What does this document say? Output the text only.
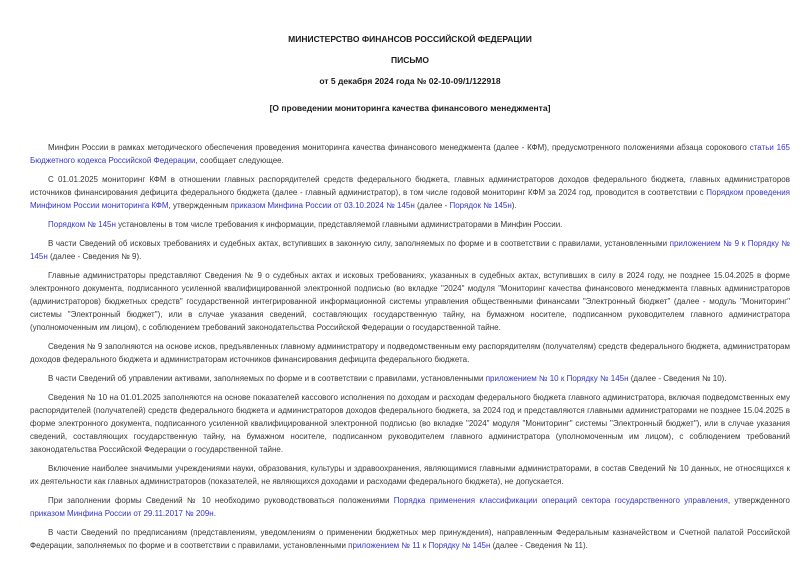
МИНИСТЕРСТВО ФИНАНСОВ РОССИЙСКОЙ ФЕДЕРАЦИИ
ПИСЬМО
от 5 декабря 2024 года № 02-10-09/1/122918
[О проведении мониторинга качества финансового менеджмента]

Минфин России в рамках методического обеспечения проведения мониторинга качества финансового менеджмента (далее - КФМ), предусмотренного положениями абзаца сорокового статьи 165 Бюджетного кодекса Российской Федерации, сообщает следующее.

С 01.01.2025 мониторинг КФМ в отношении главных распорядителей средств федерального бюджета, главных администраторов доходов федерального бюджета, главных администраторов источников финансирования дефицита федерального бюджета (далее - главный администратор), в том числе годовой мониторинг КФМ за 2024 год, проводится в соответствии с Порядком проведения Минфином России мониторинга КФМ, утвержденным приказом Минфина России от 03.10.2024 № 145н (далее - Порядок № 145н).

Порядком № 145н установлены в том числе требования к информации, представляемой главными администраторами в Минфин России.

В части Сведений об исковых требованиях и судебных актах, вступивших в законную силу, заполняемых по форме и в соответствии с правилами, установленными приложением № 9 к Порядку № 145н (далее - Сведения № 9).

Главные администраторы представляют Сведения № 9 о судебных актах и исковых требованиях, указанных в судебных актах, вступивших в силу в 2024 году, не позднее 15.04.2025 в форме электронного документа, подписанного усиленной квалифицированной электронной подписью (во вкладке "2024" модуля "Мониторинг качества финансового менеджмента главных администраторов (администраторов) бюджетных средств" государственной интегрированной информационной системы управления общественными финансами "Электронный бюджет" (далее - модуль "Мониторинг" системы "Электронный бюджет"), или в случае указания сведений, составляющих государственную тайну, на бумажном носителе, подписанном руководителем главного администратора (уполномоченным им лицом), с соблюдением требований законодательства Российской Федерации о государственной тайне.

Сведения № 9 заполняются на основе исков, предъявленных главному администратору и подведомственным ему распорядителям (получателям) средств федерального бюджета, администраторам доходов федерального бюджета и администраторам источников финансирования дефицита федерального бюджета.

В части Сведений об управлении активами, заполняемых по форме и в соответствии с правилами, установленными приложением № 10 к Порядку № 145н (далее - Сведения № 10).

Сведения № 10 на 01.01.2025 заполняются на основе показателей кассового исполнения по доходам и расходам федерального бюджета главного администратора, включая подведомственных ему распорядителей (получателей) средств федерального бюджета и администраторов доходов федерального бюджета, за 2024 год и представляются главными администраторами не позднее 15.04.2025 в форме электронного документа, подписанного усиленной квалифицированной электронной подписью (во вкладке "2024" модуля "Мониторинг" системы "Электронный бюджет"), или в случае указания сведений, составляющих государственную тайну, на бумажном носителе, подписанном руководителем главного администратора (уполномоченным им лицом), с соблюдением требований законодательства Российской Федерации о государственной тайне.

Включение наиболее значимыми учреждениями науки, образования, культуры и здравоохранения, являющимися главными администраторами, в состав Сведений № 10 данных, не относящихся к их деятельности как главных администраторов (показателей, не являющихся доходами и расходами федерального бюджета), не допускается.

При заполнении формы Сведений № 10 необходимо руководствоваться положениями Порядка применения классификации операций сектора государственного управления, утвержденного приказом Минфина России от 29.11.2017 № 209н.

В части Сведений по предписаниям (представлениям, уведомлениям о применении бюджетных мер принуждения), направленным Федеральным казначейством и Счетной палатой Российской Федерации, заполняемых по форме и в соответствии с правилами, установленными приложением № 11 к Порядку № 145н (далее - Сведения № 11).
